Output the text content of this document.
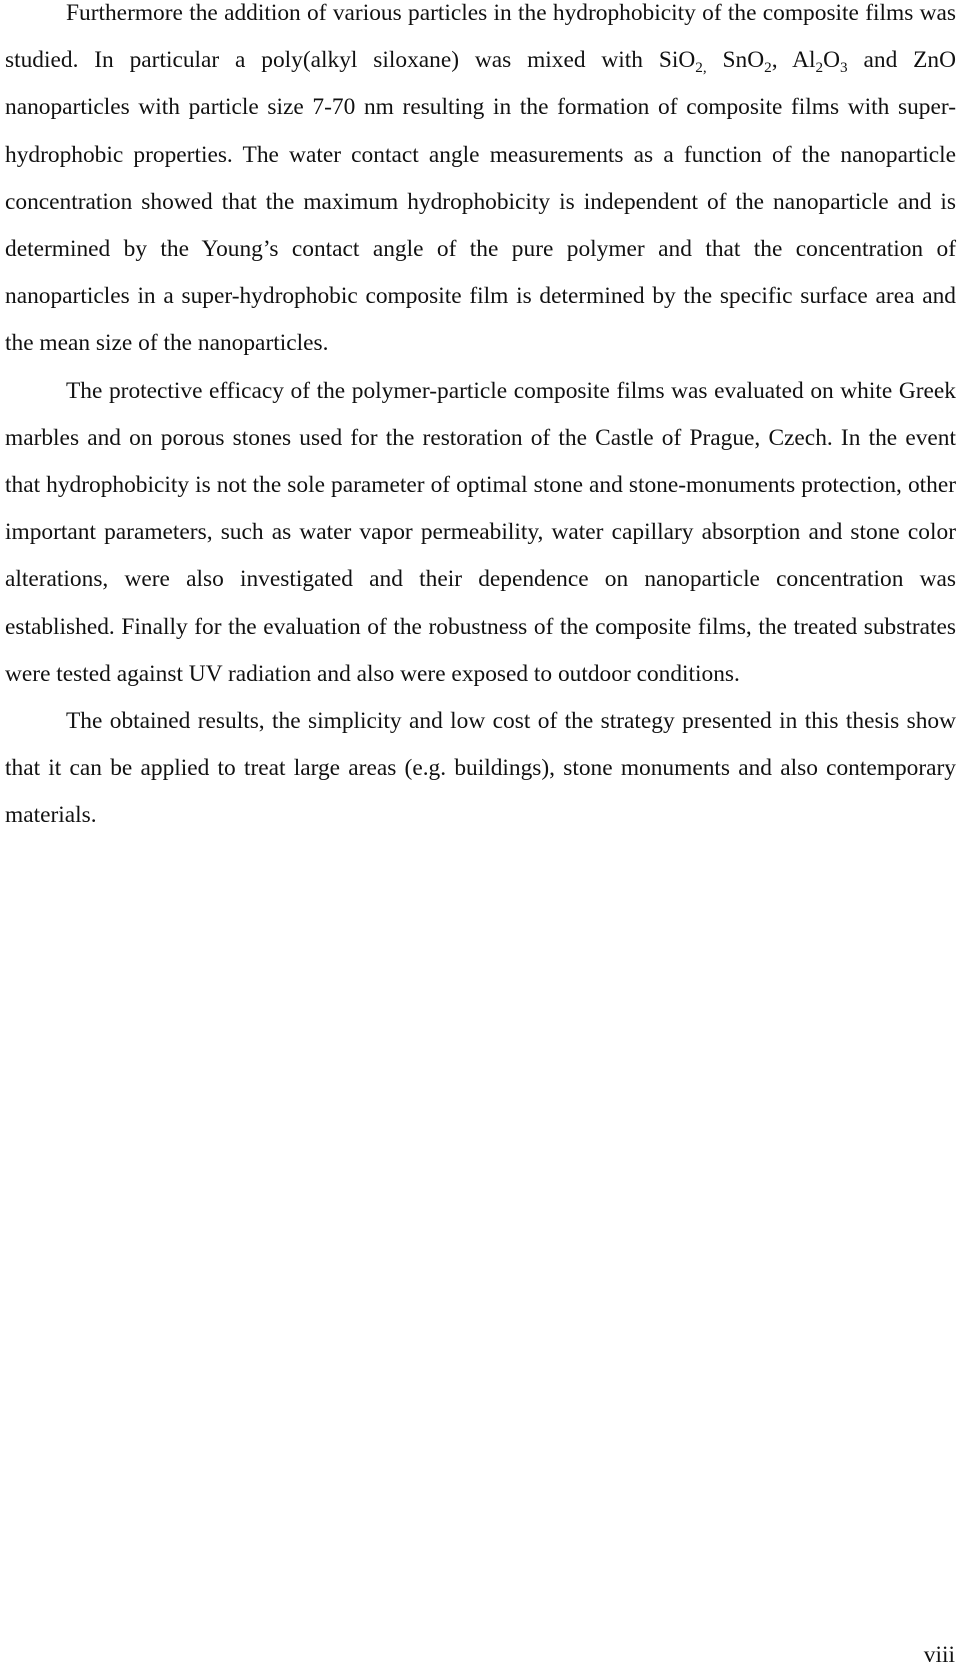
Furthermore the addition of various particles in the hydrophobicity of the composite films was studied. In particular a poly(alkyl siloxane) was mixed with SiO$_{2,}$ SnO$_2$, $Al_2O_3$ and ZnO nanoparticles with particle size 7-70 nm resulting in the formation of composite films with super-hydrophobic properties. The water contact angle measurements as a function of the nanoparticle concentration showed that the maximum hydrophobicity is independent of the nanoparticle and is determined by the Young’s contact angle of the pure polymer and that the concentration of nanoparticles in a super-hydrophobic composite film is determined by the specific surface area and the mean size of the nanoparticles.

The protective efficacy of the polymer-particle composite films was evaluated on white Greek marbles and on porous stones used for the restoration of the Castle of Prague, Czech. In the event that hydrophobicity is not the sole parameter of optimal stone and stone-monuments protection, other important parameters, such as water vapor permeability, water capillary absorption and stone color alterations, were also investigated and their dependence on nanoparticle concentration was established. Finally for the evaluation of the robustness of the composite films, the treated substrates were tested against UV radiation and also were exposed to outdoor conditions.

The obtained results, the simplicity and low cost of the strategy presented in this thesis show that it can be applied to treat large areas (e.g. buildings), stone monuments and also contemporary materials.

viii
